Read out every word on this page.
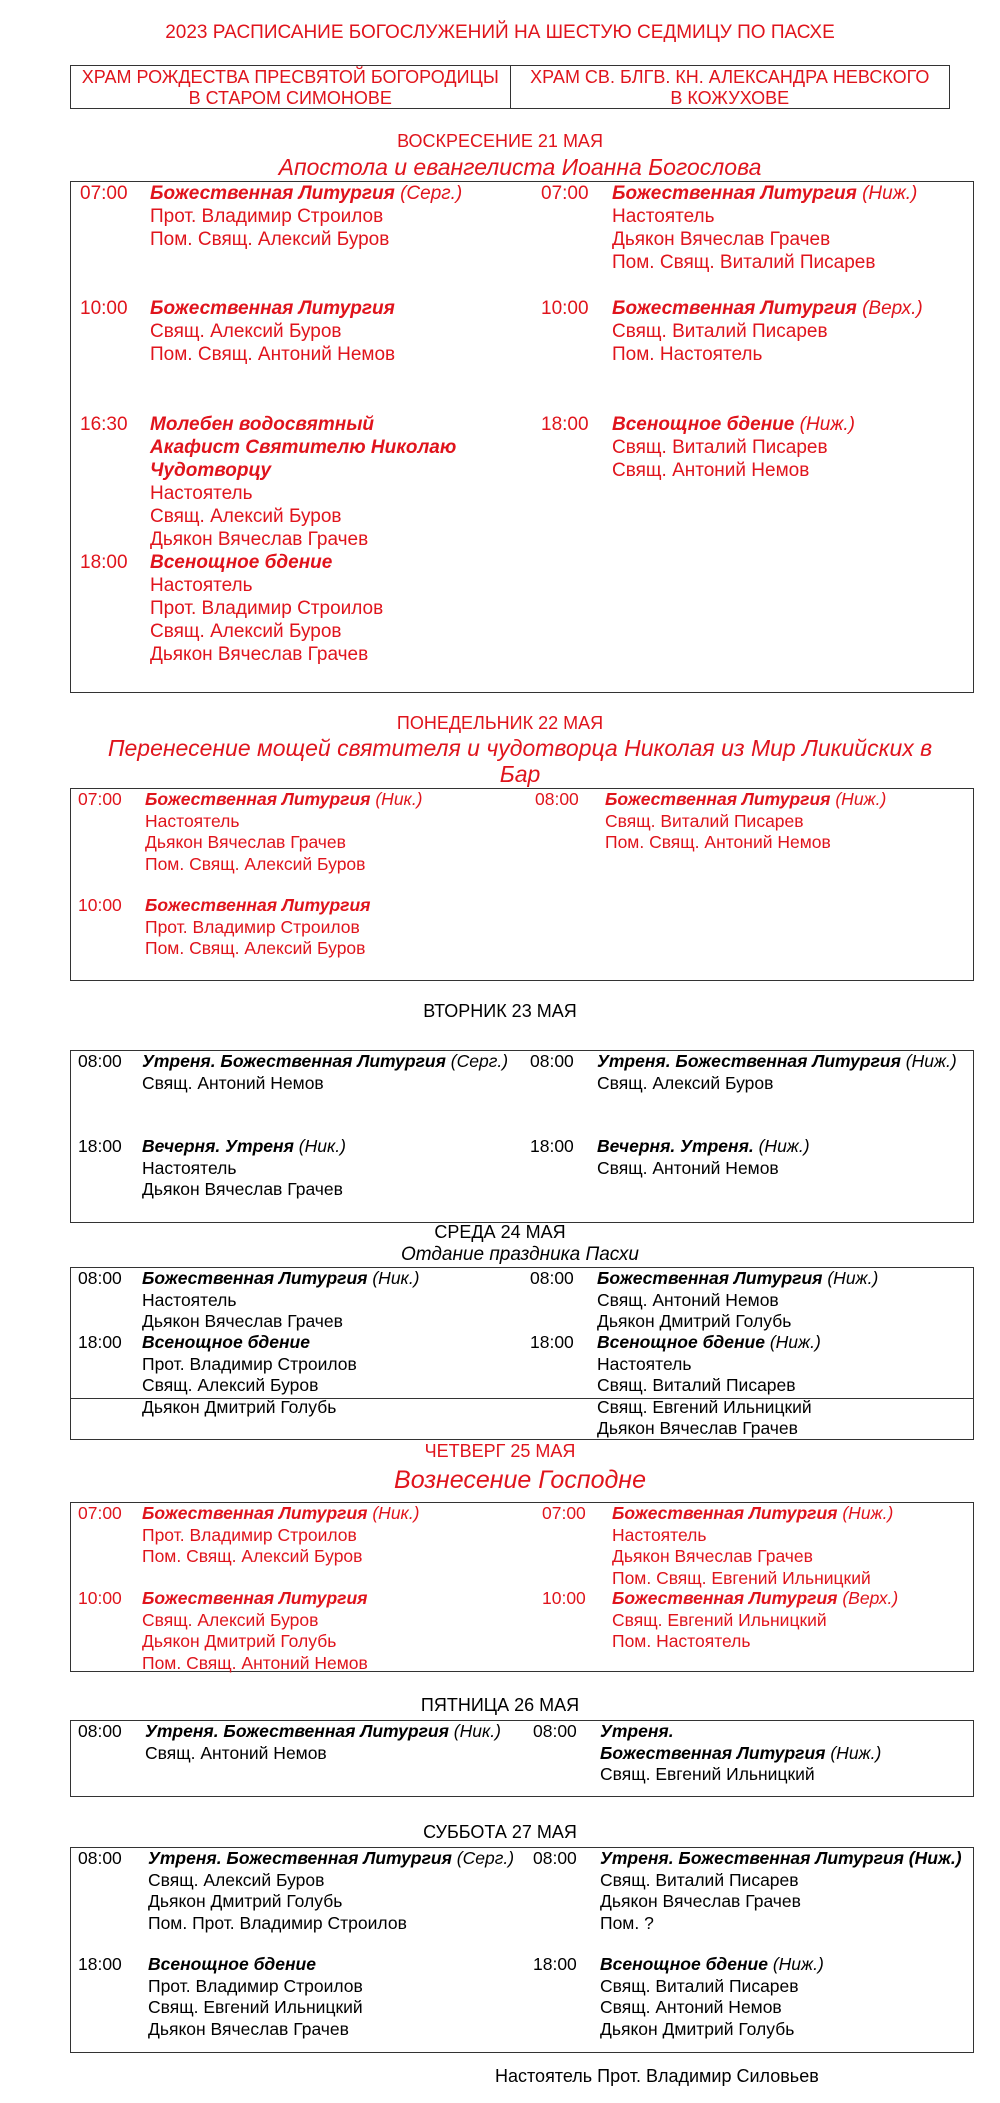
2023 РАСПИСАНИЕ БОГОСЛУЖЕНИЙ НА ШЕСТУЮ СЕДМИЦУ ПО ПАСХЕ
ХРАМ РОЖДЕСТВА ПРЕСВЯТОЙ БОГОРОДИЦЫ
В СТАРОМ СИМОНОВЕ
ХРАМ СВ. БЛГВ. КН. АЛЕКСАНДРА НЕВСКОГО
В КОЖУХОВЕ
ВОСКРЕСЕНИЕ 21 МАЯ
Апостола и евангелиста Иоанна Богослова
07:00 Божественная Литургия (Серг.)
Прот. Владимир Строилов
Пом. Свящ. Алексий Буров
10:00 Божественная Литургия
Свящ. Алексий Буров
Пом. Свящ. Антоний Немов
16:30 Молебен водосвятный
Акафист Святителю Николаю
Чудотворцу
Настоятель
Свящ. Алексий Буров
Дьякон Вячеслав Грачев
18:00 Всенощное бдение
Настоятель
Прот. Владимир Строилов
Свящ. Алексий Буров
Дьякон Вячеслав Грачев
07:00 Божественная Литургия (Ниж.)
Настоятель
Дьякон Вячеслав Грачев
Пом. Свящ. Виталий Писарев
10:00 Божественная Литургия (Верх.)
Свящ. Виталий Писарев
Пом. Настоятель
18:00 Всенощное бдение (Ниж.)
Свящ. Виталий Писарев
Свящ. Антоний Немов
ПОНЕДЕЛЬНИК 22 МАЯ
Перенесение мощей святителя и чудотворца Николая из Мир Ликийских в
Бар
07:00 Божественная Литургия (Ник.)
Настоятель
Дьякон Вячеслав Грачев
Пом. Свящ. Алексий Буров
10:00 Божественная Литургия
Прот. Владимир Строилов
Пом. Свящ. Алексий Буров
08:00 Божественная Литургия (Ниж.)
Свящ. Виталий Писарев
Пом. Свящ. Антоний Немов
ВТОРНИК 23 МАЯ
08:00 Утреня. Божественная Литургия (Серг.)
Свящ. Антоний Немов
18:00 Вечерня. Утреня (Ник.)
Настоятель
Дьякон Вячеслав Грачев
08:00 Утреня. Божественная Литургия (Ниж.)
Свящ. Алексий Буров
18:00 Вечерня. Утреня. (Ниж.)
Свящ. Антоний Немов
СРЕДА 24 МАЯ
Отдание праздника Пасхи
08:00 Божественная Литургия (Ник.)
Настоятель
Дьякон Вячеслав Грачев
18:00 Всенощное бдение
Прот. Владимир Строилов
Свящ. Алексий Буров
Дьякон Дмитрий Голубь
08:00 Божественная Литургия (Ниж.)
Свящ. Антоний Немов
Дьякон Дмитрий Голубь
18:00 Всенощное бдение (Ниж.)
Настоятель
Свящ. Виталий Писарев
Свящ. Евгений Ильницкий
Дьякон Вячеслав Грачев
ЧЕТВЕРГ 25 МАЯ
Вознесение Господне
07:00 Божественная Литургия (Ник.)
Прот. Владимир Строилов
Пом. Свящ. Алексий Буров
10:00 Божественная Литургия
Свящ. Алексий Буров
Дьякон Дмитрий Голубь
Пом. Свящ. Антоний Немов
07:00 Божественная Литургия (Ниж.)
Настоятель
Дьякон Вячеслав Грачев
Пом. Свящ. Евгений Ильницкий
10:00 Божественная Литургия (Верх.)
Свящ. Евгений Ильницкий
Пом. Настоятель
ПЯТНИЦА 26 МАЯ
08:00 Утреня. Божественная Литургия (Ник.)
Свящ. Антоний Немов
08:00 Утреня.
Божественная Литургия (Ниж.)
Свящ. Евгений Ильницкий
СУББОТА 27 МАЯ
08:00 Утреня. Божественная Литургия (Серг.)
Свящ. Алексий Буров
Дьякон Дмитрий Голубь
Пом. Прот. Владимир Строилов
18:00 Всенощное бдение
Прот. Владимир Строилов
Свящ. Евгений Ильницкий
Дьякон Вячеслав Грачев
08:00 Утреня. Божественная Литургия (Ниж.)
Свящ. Виталий Писарев
Дьякон Вячеслав Грачев
Пом. ?
18:00 Всенощное бдение (Ниж.)
Свящ. Виталий Писарев
Свящ. Антоний Немов
Дьякон Дмитрий Голубь
Настоятель Прот. Владимир Силовьев
